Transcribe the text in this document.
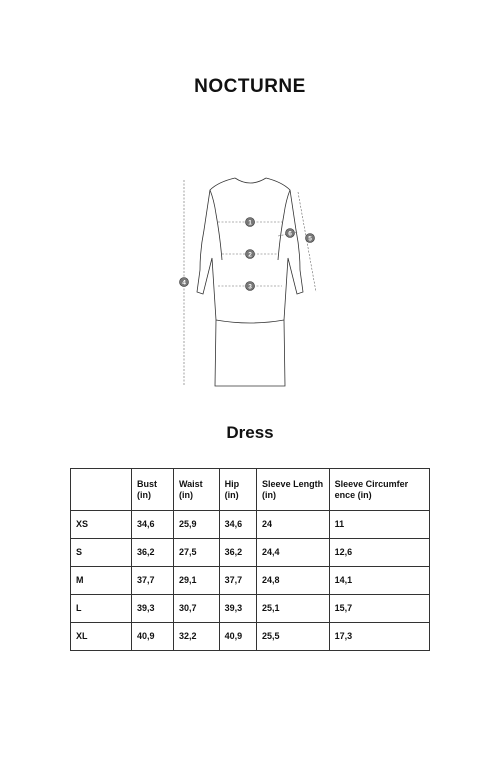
NOCTURNE
1
2
3
4
5
6
Dress
	Bust (in)	Waist (in)	Hip (in)	Sleeve Length (in)	Sleeve Circumfer ence (in)
XS	34,6	25,9	34,6	24	11
S	36,2	27,5	36,2	24,4	12,6
M	37,7	29,1	37,7	24,8	14,1
L	39,3	30,7	39,3	25,1	15,7
XL	40,9	32,2	40,9	25,5	17,3
